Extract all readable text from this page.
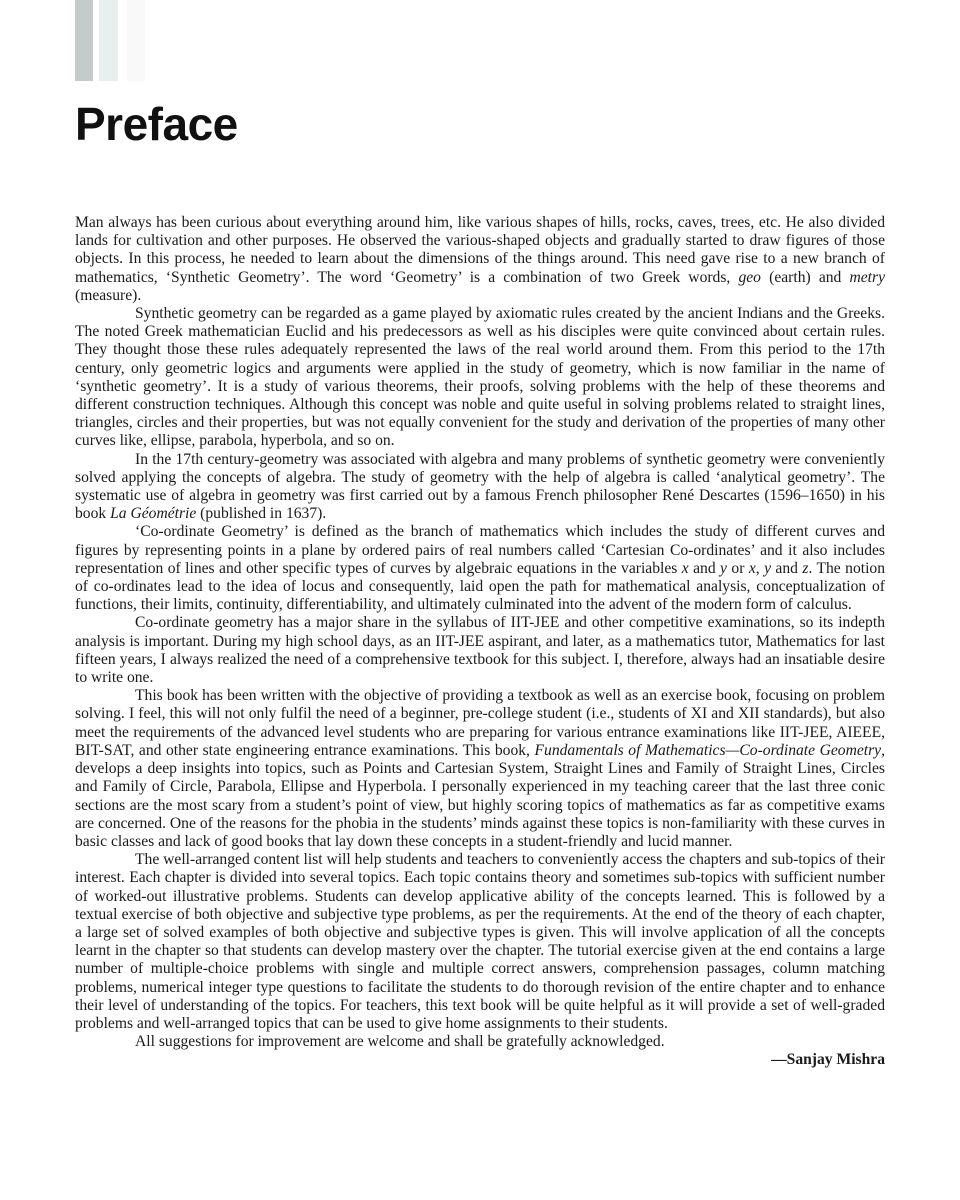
Preface

Man always has been curious about everything around him, like various shapes of hills, rocks, caves, trees, etc. He also divided lands for cultivation and other purposes. He observed the various-shaped objects and gradually started to draw figures of those objects. In this process, he needed to learn about the dimensions of the things around. This need gave rise to a new branch of mathematics, ‘Synthetic Geometry’. The word ‘Geometry’ is a combination of two Greek words, geo (earth) and metry (measure).

Synthetic geometry can be regarded as a game played by axiomatic rules created by the ancient Indians and the Greeks. The noted Greek mathematician Euclid and his predecessors as well as his disciples were quite convinced about certain rules. They thought those these rules adequately represented the laws of the real world around them. From this period to the 17th century, only geometric logics and arguments were applied in the study of geometry, which is now familiar in the name of ‘synthetic geometry’. It is a study of various theorems, their proofs, solving problems with the help of these theorems and different construction techniques. Although this concept was noble and quite useful in solving problems related to straight lines, triangles, circles and their properties, but was not equally convenient for the study and derivation of the properties of many other curves like, ellipse, parabola, hyperbola, and so on.

In the 17th century-geometry was associated with algebra and many problems of synthetic geometry were conveniently solved applying the concepts of algebra. The study of geometry with the help of algebra is called ‘analytical geometry’. The systematic use of algebra in geometry was first carried out by a famous French philosopher René Descartes (1596–1650) in his book La Géométrie (published in 1637).

‘Co-ordinate Geometry’ is defined as the branch of mathematics which includes the study of different curves and figures by representing points in a plane by ordered pairs of real numbers called ‘Cartesian Co-ordinates’ and it also includes representation of lines and other specific types of curves by algebraic equations in the variables x and y or x, y and z. The notion of co-ordinates lead to the idea of locus and consequently, laid open the path for mathematical analysis, conceptualization of functions, their limits, continuity, differentiability, and ultimately culminated into the advent of the modern form of calculus.

Co-ordinate geometry has a major share in the syllabus of IIT-JEE and other competitive examinations, so its indepth analysis is important. During my high school days, as an IIT-JEE aspirant, and later, as a mathematics tutor, Mathematics for last fifteen years, I always realized the need of a comprehensive textbook for this subject. I, therefore, always had an insatiable desire to write one.

This book has been written with the objective of providing a textbook as well as an exercise book, focusing on problem solving. I feel, this will not only fulfil the need of a beginner, pre-college student (i.e., students of XI and XII standards), but also meet the requirements of the advanced level students who are preparing for various entrance examinations like IIT-JEE, AIEEE, BIT-SAT, and other state engineering entrance examinations. This book, Fundamentals of Mathematics—Co-ordinate Geometry, develops a deep insights into topics, such as Points and Cartesian System, Straight Lines and Family of Straight Lines, Circles and Family of Circle, Parabola, Ellipse and Hyperbola. I personally experienced in my teaching career that the last three conic sections are the most scary from a student’s point of view, but highly scoring topics of mathematics as far as competitive exams are concerned. One of the reasons for the phobia in the students’ minds against these topics is non-familiarity with these curves in basic classes and lack of good books that lay down these concepts in a student-friendly and lucid manner.

The well-arranged content list will help students and teachers to conveniently access the chapters and sub-topics of their interest. Each chapter is divided into several topics. Each topic contains theory and sometimes sub-topics with sufficient number of worked-out illustrative problems. Students can develop applicative ability of the concepts learned. This is followed by a textual exercise of both objective and subjective type problems, as per the requirements. At the end of the theory of each chapter, a large set of solved examples of both objective and subjective types is given. This will involve application of all the concepts learnt in the chapter so that students can develop mastery over the chapter. The tutorial exercise given at the end contains a large number of multiple-choice problems with single and multiple correct answers, comprehension passages, column matching problems, numerical integer type questions to facilitate the students to do thorough revision of the entire chapter and to enhance their level of understanding of the topics. For teachers, this text book will be quite helpful as it will provide a set of well-graded problems and well-arranged topics that can be used to give home assignments to their students.

All suggestions for improvement are welcome and shall be gratefully acknowledged.

—Sanjay Mishra
